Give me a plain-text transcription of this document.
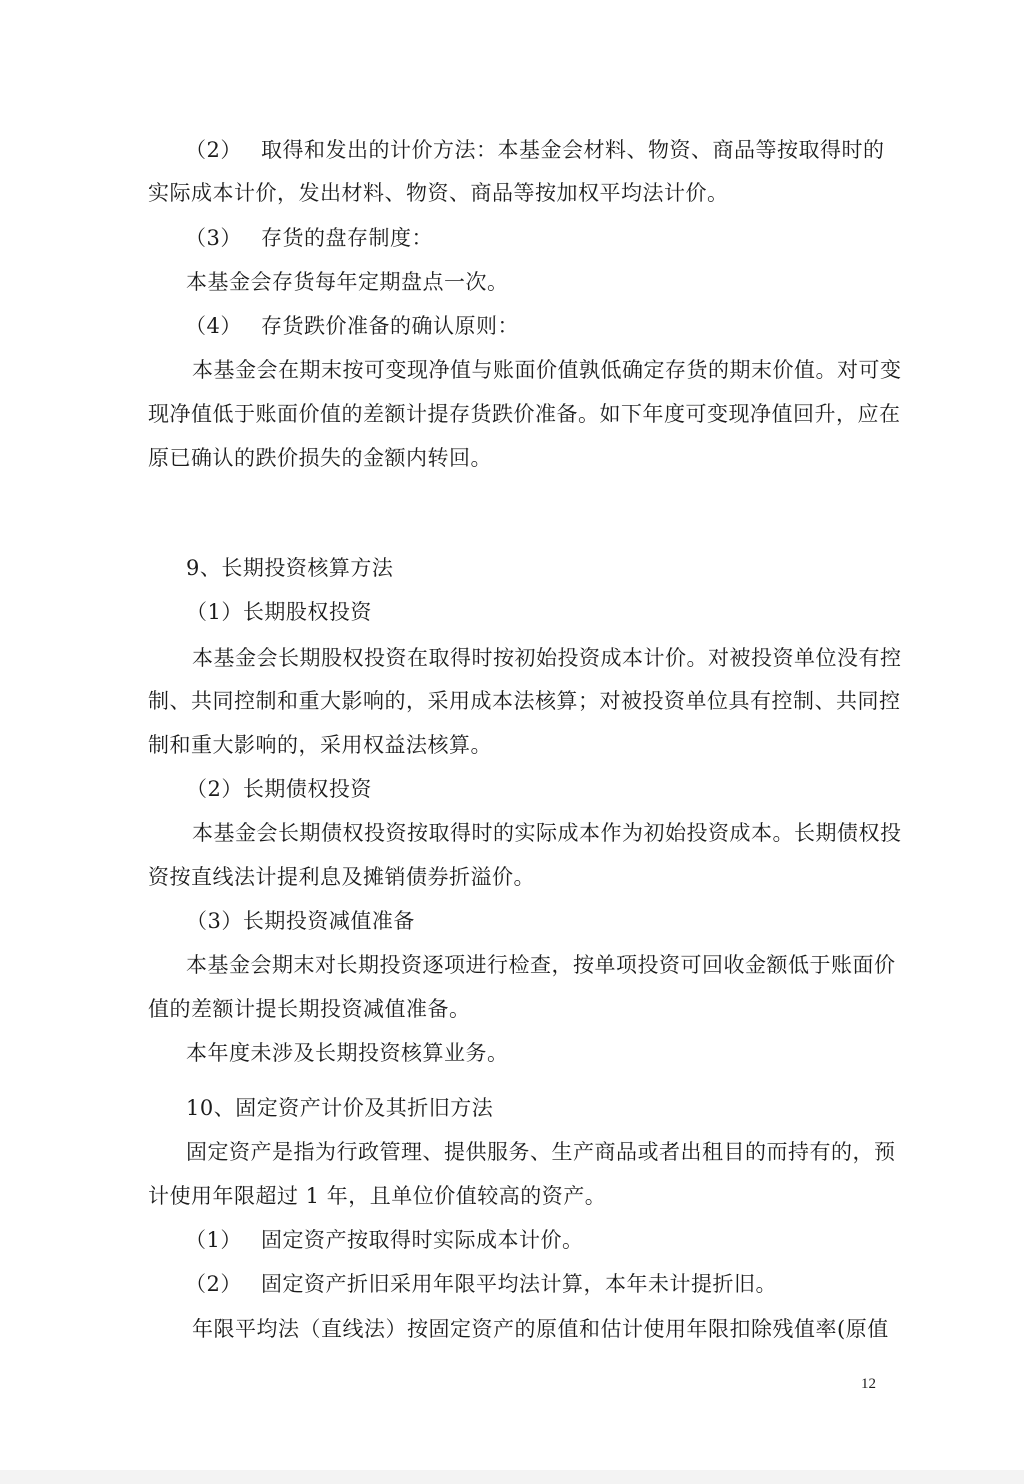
（2） 取得和发出的计价方法：本基金会材料、物资、商品等按取得时的
实际成本计价，发出材料、物资、商品等按加权平均法计价。
（3） 存货的盘存制度：
本基金会存货每年定期盘点一次。
（4） 存货跌价准备的确认原则：
本基金会在期末按可变现净值与账面价值孰低确定存货的期末价值。对可变
现净值低于账面价值的差额计提存货跌价准备。如下年度可变现净值回升，应在
原已确认的跌价损失的金额内转回。
9、长期投资核算方法
（1）长期股权投资
本基金会长期股权投资在取得时按初始投资成本计价。对被投资单位没有控
制、共同控制和重大影响的，采用成本法核算；对被投资单位具有控制、共同控
制和重大影响的，采用权益法核算。
（2）长期债权投资
本基金会长期债权投资按取得时的实际成本作为初始投资成本。长期债权投
资按直线法计提利息及摊销债券折溢价。
（3）长期投资减值准备
本基金会期末对长期投资逐项进行检查，按单项投资可回收金额低于账面价
值的差额计提长期投资减值准备。
本年度未涉及长期投资核算业务。
10、固定资产计价及其折旧方法
固定资产是指为行政管理、提供服务、生产商品或者出租目的而持有的，预
计使用年限超过 1 年，且单位价值较高的资产。
（1） 固定资产按取得时实际成本计价。
（2） 固定资产折旧采用年限平均法计算，本年未计提折旧。
年限平均法（直线法）按固定资产的原值和估计使用年限扣除残值率(原值
12
